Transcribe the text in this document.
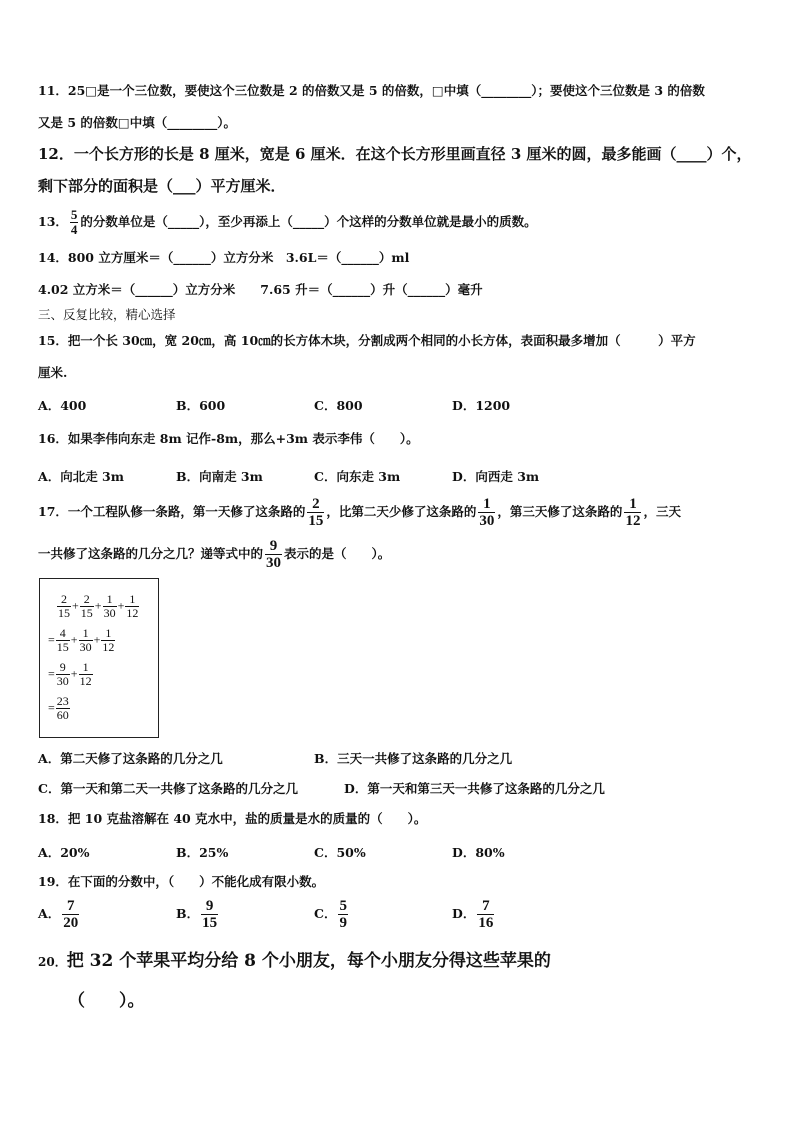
11．25□是一个三位数，要使这个三位数是 2 的倍数又是 5 的倍数，□中填（________）；要使这个三位数是 3 的倍数
又是 5 的倍数□中填（________）。
12．一个长方形的长是 8 厘米，宽是 6 厘米．在这个长方形里画直径 3 厘米的圆，最多能画（____）个，
剩下部分的面积是（___）平方厘米．
13． $\frac{5}{4}$ 的分数单位是（_____），至少再添上（_____）个这样的分数单位就是最小的质数。
14．800 立方厘米＝（______）立方分米　3.6L＝（______）ml
4.02 立方米＝（______）立方分米　　7.65 升＝（______）升（______）毫升
三、反复比较，精心选择
15．把一个长 30㎝，宽 20㎝，高 10㎝的长方体木块，分割成两个相同的小长方体，表面积最多增加（　　　）平方
厘米.
A．400	B．600	C．800	D．1200
16．如果李伟向东走 8m 记作-8m，那么+3m 表示李伟（　　）。
A．向北走 3m	B．向南走 3m	C．向东走 3m	D．向西走 3m
17．一个工程队修一条路，第一天修了这条路的 $\frac{2}{15}$ ，比第二天少修了这条路的 $\frac{1}{30}$ ，第三天修了这条路的 $\frac{1}{12}$ ，三天
一共修了这条路的几分之几？递等式中的 $\frac{9}{30}$ 表示的是（　　）。
$\frac{2}{15} + \frac{2}{15} + \frac{1}{30} + \frac{1}{12}$
= $\frac{4}{15} + \frac{1}{30} + \frac{1}{12}$
= $\frac{9}{30} + \frac{1}{12}$
= $\frac{23}{60}$
A．第二天修了这条路的几分之几	B．三天一共修了这条路的几分之几
C．第一天和第二天一共修了这条路的几分之几	D．第一天和第三天一共修了这条路的几分之几
18．把 10 克盐溶解在 40 克水中，盐的质量是水的质量的（　　）。
A．20%	B．25%	C．50%	D．80%
19．在下面的分数中，（　　）不能化成有限小数。
A． $\frac{7}{20}$	B． $\frac{9}{15}$	C． $\frac{5}{9}$	D． $\frac{7}{16}$
20．把 32 个苹果平均分给 8 个小朋友，每个小朋友分得这些苹果的
（　　）。
